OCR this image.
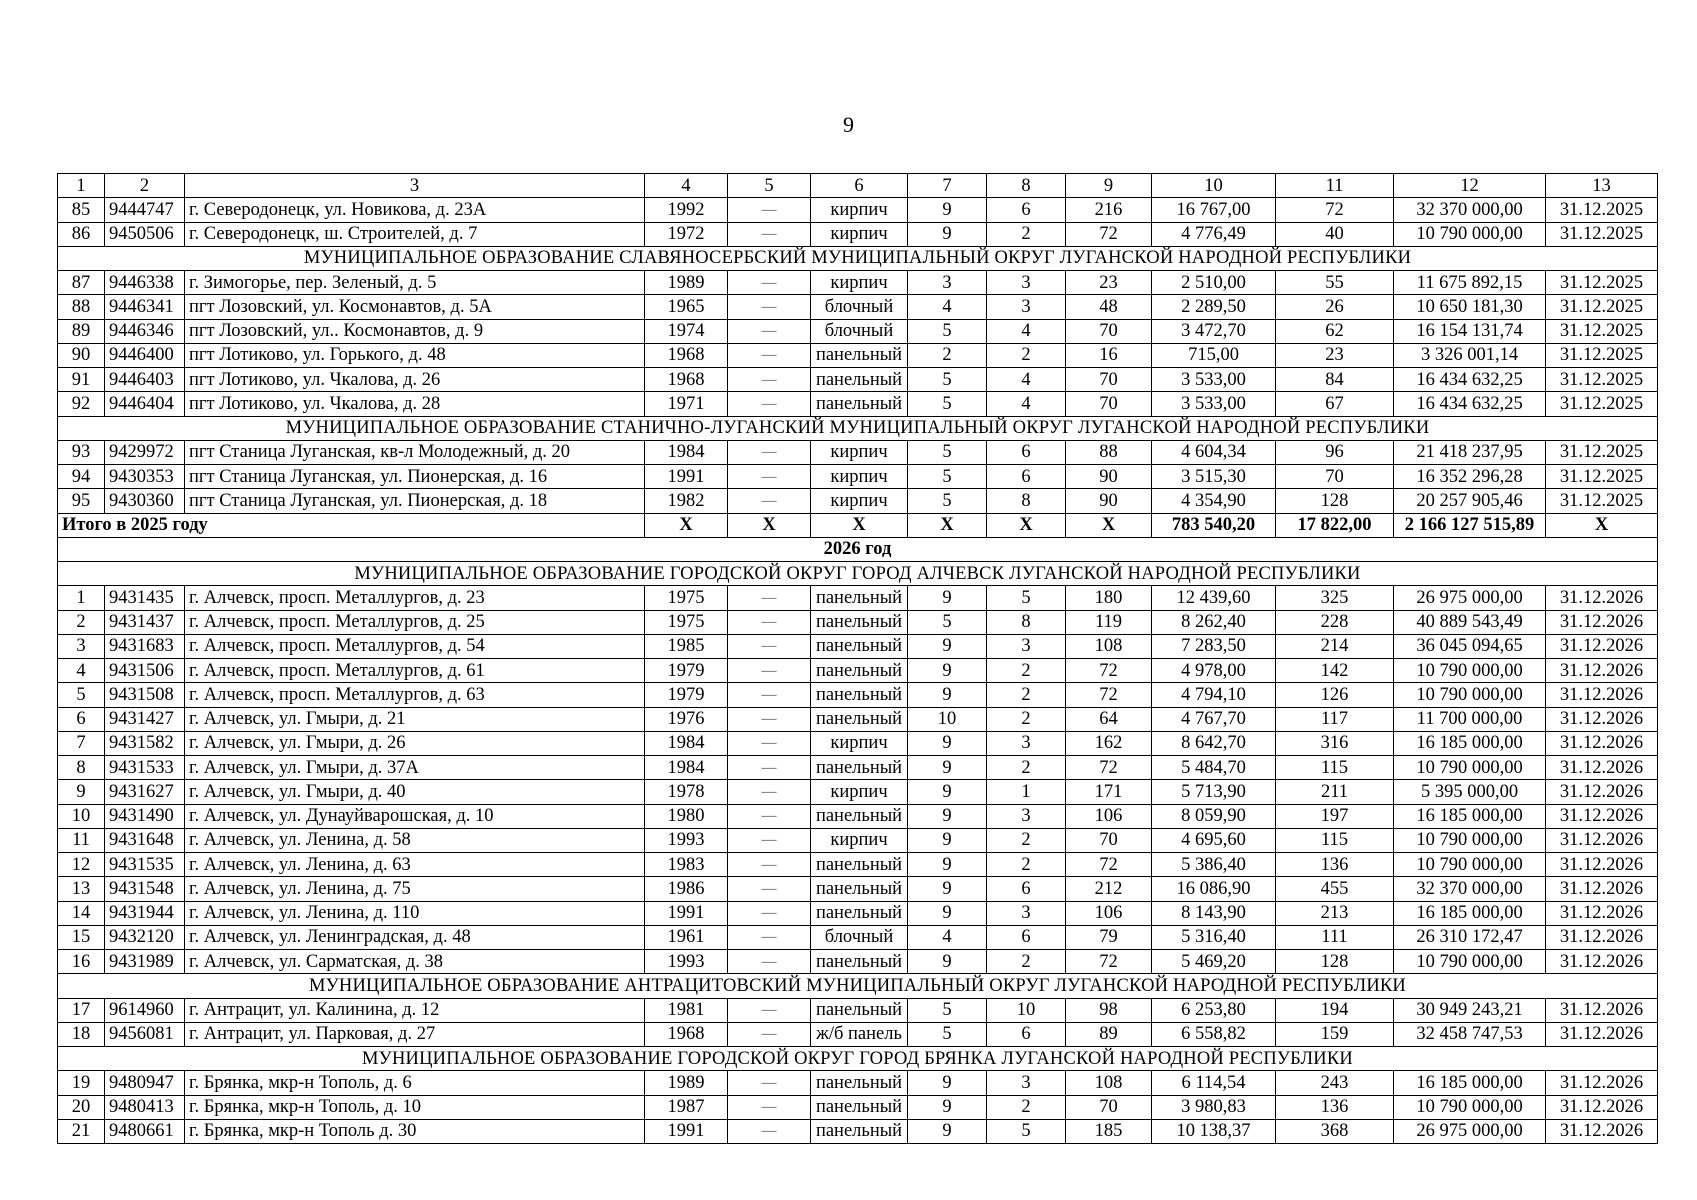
9
1	2	3	4	5	6	7	8	9	10	11	12	13
85	9444747	г. Северодонецк, ул. Новикова, д. 23А	1992	—	кирпич	9	6	216	16 767,00	72	32 370 000,00	31.12.2025
86	9450506	г. Северодонецк, ш. Строителей, д. 7	1972	—	кирпич	9	2	72	4 776,49	40	10 790 000,00	31.12.2025
МУНИЦИПАЛЬНОЕ ОБРАЗОВАНИЕ СЛАВЯНОСЕРБСКИЙ МУНИЦИПАЛЬНЫЙ ОКРУГ ЛУГАНСКОЙ НАРОДНОЙ РЕСПУБЛИКИ												
87	9446338	г. Зимогорье, пер. Зеленый, д. 5	1989	—	кирпич	3	3	23	2 510,00	55	11 675 892,15	31.12.2025
88	9446341	пгт Лозовский, ул. Космонавтов, д. 5А	1965	—	блочный	4	3	48	2 289,50	26	10 650 181,30	31.12.2025
89	9446346	пгт Лозовский, ул.. Космонавтов, д. 9	1974	—	блочный	5	4	70	3 472,70	62	16 154 131,74	31.12.2025
90	9446400	пгт Лотиково, ул. Горького, д. 48	1968	—	панельный	2	2	16	715,00	23	3 326 001,14	31.12.2025
91	9446403	пгт Лотиково, ул. Чкалова, д. 26	1968	—	панельный	5	4	70	3 533,00	84	16 434 632,25	31.12.2025
92	9446404	пгт Лотиково, ул. Чкалова, д. 28	1971	—	панельный	5	4	70	3 533,00	67	16 434 632,25	31.12.2025
МУНИЦИПАЛЬНОЕ ОБРАЗОВАНИЕ СТАНИЧНО-ЛУГАНСКИЙ МУНИЦИПАЛЬНЫЙ ОКРУГ ЛУГАНСКОЙ НАРОДНОЙ РЕСПУБЛИКИ												
93	9429972	пгт Станица Луганская, кв-л Молодежный, д. 20	1984	—	кирпич	5	6	88	4 604,34	96	21 418 237,95	31.12.2025
94	9430353	пгт Станица Луганская, ул. Пионерская, д. 16	1991	—	кирпич	5	6	90	3 515,30	70	16 352 296,28	31.12.2025
95	9430360	пгт Станица Луганская, ул. Пионерская, д. 18	1982	—	кирпич	5	8	90	4 354,90	128	20 257 905,46	31.12.2025
Итого в 2025 году			X	X	X	X	X	X	783 540,20	17 822,00	2 166 127 515,89	X
2026 год												
МУНИЦИПАЛЬНОЕ ОБРАЗОВАНИЕ ГОРОДСКОЙ ОКРУГ ГОРОД АЛЧЕВСК ЛУГАНСКОЙ НАРОДНОЙ РЕСПУБЛИКИ												
1	9431435	г. Алчевск, просп. Металлургов, д. 23	1975	—	панельный	9	5	180	12 439,60	325	26 975 000,00	31.12.2026
2	9431437	г. Алчевск, просп. Металлургов, д. 25	1975	—	панельный	5	8	119	8 262,40	228	40 889 543,49	31.12.2026
3	9431683	г. Алчевск, просп. Металлургов, д. 54	1985	—	панельный	9	3	108	7 283,50	214	36 045 094,65	31.12.2026
4	9431506	г. Алчевск, просп. Металлургов, д. 61	1979	—	панельный	9	2	72	4 978,00	142	10 790 000,00	31.12.2026
5	9431508	г. Алчевск, просп. Металлургов, д. 63	1979	—	панельный	9	2	72	4 794,10	126	10 790 000,00	31.12.2026
6	9431427	г. Алчевск, ул. Гмыри, д. 21	1976	—	панельный	10	2	64	4 767,70	117	11 700 000,00	31.12.2026
7	9431582	г. Алчевск, ул. Гмыри, д. 26	1984	—	кирпич	9	3	162	8 642,70	316	16 185 000,00	31.12.2026
8	9431533	г. Алчевск, ул. Гмыри, д. 37А	1984	—	панельный	9	2	72	5 484,70	115	10 790 000,00	31.12.2026
9	9431627	г. Алчевск, ул. Гмыри, д. 40	1978	—	кирпич	9	1	171	5 713,90	211	5 395 000,00	31.12.2026
10	9431490	г. Алчевск, ул. Дунауйварошская, д. 10	1980	—	панельный	9	3	106	8 059,90	197	16 185 000,00	31.12.2026
11	9431648	г. Алчевск, ул. Ленина, д. 58	1993	—	кирпич	9	2	70	4 695,60	115	10 790 000,00	31.12.2026
12	9431535	г. Алчевск, ул. Ленина, д. 63	1983	—	панельный	9	2	72	5 386,40	136	10 790 000,00	31.12.2026
13	9431548	г. Алчевск, ул. Ленина, д. 75	1986	—	панельный	9	6	212	16 086,90	455	32 370 000,00	31.12.2026
14	9431944	г. Алчевск, ул. Ленина, д. 110	1991	—	панельный	9	3	106	8 143,90	213	16 185 000,00	31.12.2026
15	9432120	г. Алчевск, ул. Ленинградская, д. 48	1961	—	блочный	4	6	79	5 316,40	111	26 310 172,47	31.12.2026
16	9431989	г. Алчевск, ул. Сарматская, д. 38	1993	—	панельный	9	2	72	5 469,20	128	10 790 000,00	31.12.2026
МУНИЦИПАЛЬНОЕ ОБРАЗОВАНИЕ АНТРАЦИТОВСКИЙ МУНИЦИПАЛЬНЫЙ ОКРУГ ЛУГАНСКОЙ НАРОДНОЙ РЕСПУБЛИКИ												
17	9614960	г. Антрацит, ул. Калинина, д. 12	1981	—	панельный	5	10	98	6 253,80	194	30 949 243,21	31.12.2026
18	9456081	г. Антрацит, ул. Парковая, д. 27	1968	—	ж/б панель	5	6	89	6 558,82	159	32 458 747,53	31.12.2026
МУНИЦИПАЛЬНОЕ ОБРАЗОВАНИЕ ГОРОДСКОЙ ОКРУГ ГОРОД БРЯНКА ЛУГАНСКОЙ НАРОДНОЙ РЕСПУБЛИКИ												
19	9480947	г. Брянка, мкр-н Тополь, д. 6	1989	—	панельный	9	3	108	6 114,54	243	16 185 000,00	31.12.2026
20	9480413	г. Брянка, мкр-н Тополь, д. 10	1987	—	панельный	9	2	70	3 980,83	136	10 790 000,00	31.12.2026
21	9480661	г. Брянка, мкр-н Тополь д. 30	1991	—	панельный	9	5	185	10 138,37	368	26 975 000,00	31.12.2026
